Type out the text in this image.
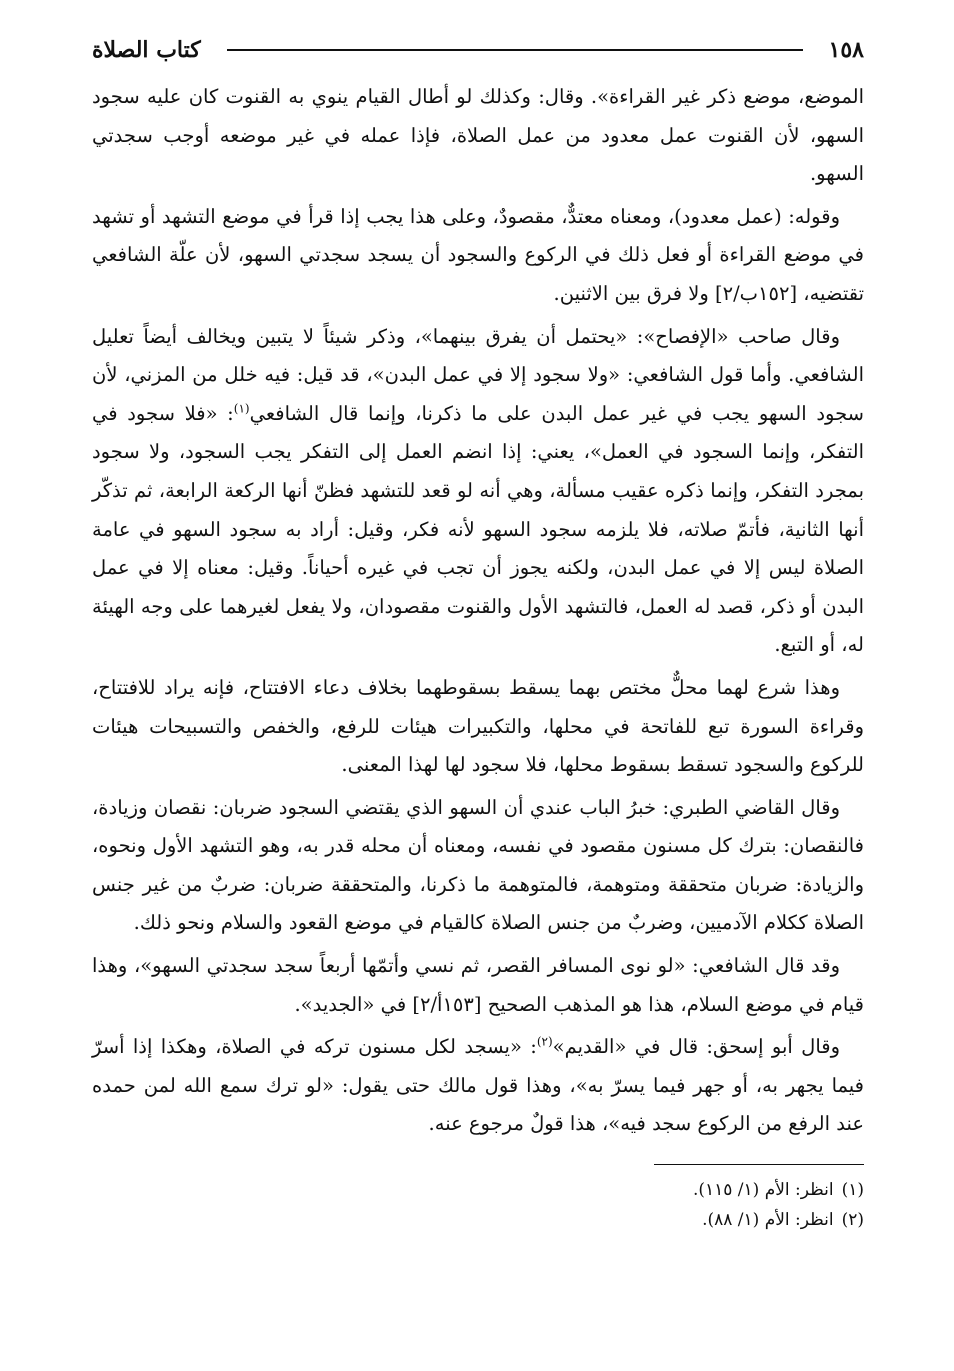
١٥٨
كتاب الصلاة

الموضع، موضع ذكر غير القراءة». وقال: وكذلك لو أطال القيام ينوي به القنوت كان عليه سجود السهو، لأن القنوت عمل معدود من عمل الصلاة، فإذا عمله في غير موضعه أوجب سجدتي السهو.

وقوله: (عمل معدود)، ومعناه معتدٌّ، مقصودٌ، وعلى هذا يجب إذا قرأ في موضع التشهد أو تشهد في موضع القراءة أو فعل ذلك في الركوع والسجود أن يسجد سجدتي السهو، لأن علّة الشافعي تقتضيه، [١٥٢ب/٢] ولا فرق بين الاثنين.

وقال صاحب «الإفصاح»: «يحتمل أن يفرق بينهما»، وذكر شيئاً لا يتبين ويخالف أيضاً تعليل الشافعي. وأما قول الشافعي: «ولا سجود إلا في عمل البدن»، قد قيل: فيه خلل من المزني، لأن سجود السهو يجب في غير عمل البدن على ما ذكرنا، وإنما قال الشافعي$^{(١)}$: «فلا سجود في التفكر، وإنما السجود في العمل»، يعني: إذا انضم العمل إلى التفكر يجب السجود، ولا سجود بمجرد التفكر، وإنما ذكره عقيب مسألة، وهي أنه لو قعد للتشهد فظنّ أنها الركعة الرابعة، ثم تذكّر أنها الثانية، فأتمّ صلاته، فلا يلزمه سجود السهو لأنه فكر، وقيل: أراد به سجود السهو في عامة الصلاة ليس إلا في عمل البدن، ولكنه يجوز أن تجب في غيره أحياناً. وقيل: معناه إلا في عمل البدن أو ذكر، قصد له العمل، فالتشهد الأول والقنوت مقصودان، ولا يفعل لغيرهما على وجه الهيئة له، أو التبع.

وهذا شرع لهما محلٌّ مختص بهما يسقط بسقوطهما بخلاف دعاء الافتتاح، فإنه يراد للافتتاح، وقراءة السورة تبع للفاتحة في محلها، والتكبيرات هيئات للرفع، والخفص والتسبيحات هيئات للركوع والسجود تسقط بسقوط محلها، فلا سجود لها لهذا المعنى.

وقال القاضي الطبري: خبرُ الباب عندي أن السهو الذي يقتضي السجود ضربان: نقصان وزيادة، فالنقصان: بترك كل مسنون مقصود في نفسه، ومعناه أن محله قدر به، وهو التشهد الأول ونحوه، والزيادة: ضربان متحققة ومتوهمة، فالمتوهمة ما ذكرنا، والمتحققة ضربان: ضربٌ من غير جنس الصلاة ككلام الآدميين، وضربٌ من جنس الصلاة كالقيام في موضع القعود والسلام ونحو ذلك.

وقد قال الشافعي: «لو نوى المسافر القصر، ثم نسي وأتمّها أربعاً سجد سجدتي السهو»، وهذا قيام في موضع السلام، هذا هو المذهب الصحيح [١٥٣أ/٢] في «الجديد».

وقال أبو إسحق: قال في «القديم»$^{(٢)}$: «يسجد لكل مسنون تركه في الصلاة، وهكذا إذا أسرّ فيما يجهر به، أو جهر فيما يسرّ به»، وهذا قول مالك حتى يقول: «لو ترك سمع الله لمن حمده عند الرفع من الركوع سجد فيه»، هذا قولٌ مرجوع عنه.

(١)انظر: الأم (١/ ١١٥).
(٢)انظر: الأم (١/ ٨٨).
